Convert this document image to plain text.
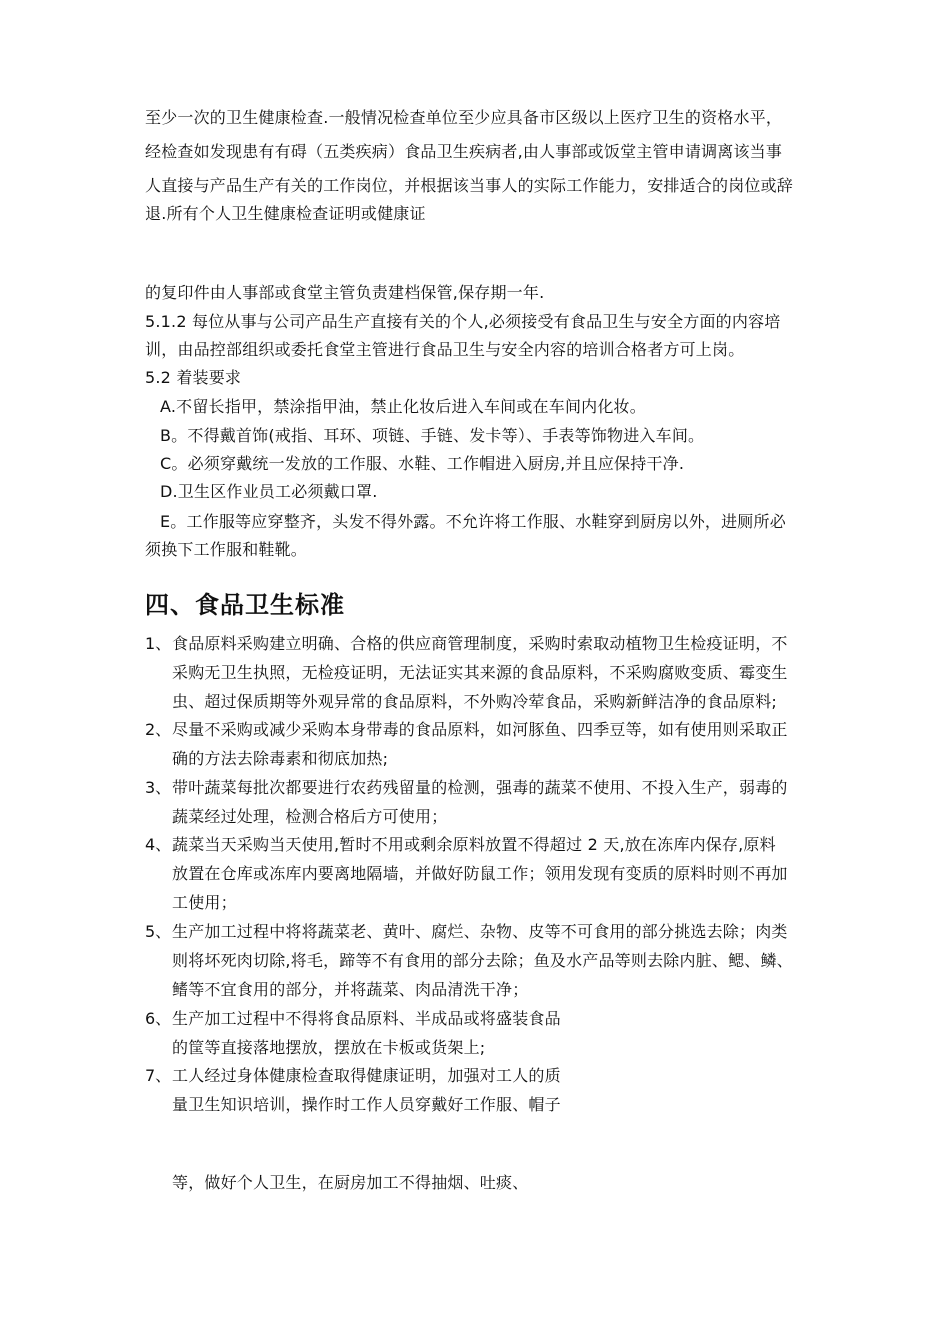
至少一次的卫生健康检查.一般情况检查单位至少应具备市区级以上医疗卫生的资格水平，
经检查如发现患有有碍（五类疾病）食品卫生疾病者,由人事部或饭堂主管申请调离该当事
人直接与产品生产有关的工作岗位，并根据该当事人的实际工作能力，安排适合的岗位或辞
退.所有个人卫生健康检查证明或健康证
的复印件由人事部或食堂主管负责建档保管,保存期一年.
5.1.2 每位从事与公司产品生产直接有关的个人,必须接受有食品卫生与安全方面的内容培
训，由品控部组织或委托食堂主管进行食品卫生与安全内容的培训合格者方可上岗。
5.2 着装要求
A.不留长指甲，禁涂指甲油，禁止化妆后进入车间或在车间内化妆。
B。不得戴首饰(戒指、耳环、项链、手链、发卡等）、手表等饰物进入车间。
C。必须穿戴统一发放的工作服、水鞋、工作帽进入厨房,并且应保持干净.
D.卫生区作业员工必须戴口罩.
E。工作服等应穿整齐，头发不得外露。不允许将工作服、水鞋穿到厨房以外，进厕所必
须换下工作服和鞋靴。
四、食品卫生标准
1、 食品原料采购建立明确、合格的供应商管理制度，采购时索取动植物卫生检疫证明，不
采购无卫生执照，无检疫证明，无法证实其来源的食品原料，不采购腐败变质、霉变生
虫、超过保质期等外观异常的食品原料，不外购冷荤食品，采购新鲜洁净的食品原料;
2、 尽量不采购或减少采购本身带毒的食品原料，如河豚鱼、四季豆等，如有使用则采取正
确的方法去除毒素和彻底加热;
3、 带叶蔬菜每批次都要进行农药残留量的检测，强毒的蔬菜不使用、不投入生产，弱毒的
蔬菜经过处理，检测合格后方可使用；
4、 蔬菜当天采购当天使用,暂时不用或剩余原料放置不得超过 2 天,放在冻库内保存,原料
放置在仓库或冻库内要离地隔墙，并做好防鼠工作；领用发现有变质的原料时则不再加
工使用；
5、 生产加工过程中将将蔬菜老、黄叶、腐烂、杂物、皮等不可食用的部分挑选去除；肉类
则将坏死肉切除,将毛，蹄等不有食用的部分去除；鱼及水产品等则去除内脏、鳃、鳞、
鳍等不宜食用的部分，并将蔬菜、肉品清洗干净；
6、 生产加工过程中不得将食品原料、半成品或将盛装食品
的筐等直接落地摆放，摆放在卡板或货架上;
7、 工人经过身体健康检查取得健康证明，加强对工人的质
量卫生知识培训，操作时工作人员穿戴好工作服、帽子
等，做好个人卫生，在厨房加工不得抽烟、吐痰、
